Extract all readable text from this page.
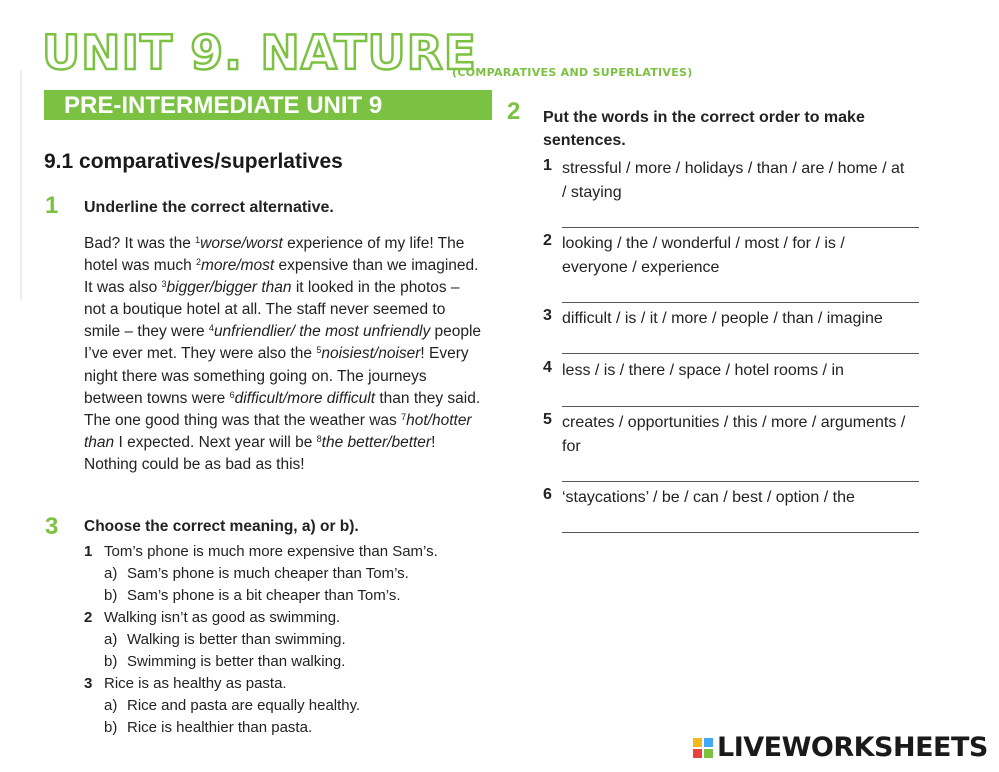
UNIT 9. NATURE
(COMPARATIVES AND SUPERLATIVES)
PRE-INTERMEDIATE UNIT 9
9.1 comparatives/superlatives
1 Underline the correct alternative.
Bad? It was the $^1$worse/worst experience of my life! The hotel was much $^2$more/most expensive than we imagined. It was also $^3$bigger/bigger than it looked in the photos – not a boutique hotel at all. The staff never seemed to smile – they were $^4$unfriendlier/ the most unfriendly people I’ve ever met. They were also the $^5$noisiest/noiser! Every night there was something going on. The journeys between towns were $^6$difficult/more difficult than they said. The one good thing was that the weather was $^7$hot/hotter than I expected. Next year will be $^8$the better/better! Nothing could be as bad as this!
3 Choose the correct meaning, a) or b).
1 Tom’s phone is much more expensive than Sam’s.
a) Sam’s phone is much cheaper than Tom’s.
b) Sam’s phone is a bit cheaper than Tom’s.
2 Walking isn’t as good as swimming.
a) Walking is better than swimming.
b) Swimming is better than walking.
3 Rice is as healthy as pasta.
a) Rice and pasta are equally healthy.
b) Rice is healthier than pasta.
2 Put the words in the correct order to make sentences.
1 stressful / more / holidays / than / are / home / at / staying
2 looking / the / wonderful / most / for / is / everyone / experience
3 difficult / is / it / more / people / than / imagine
4 less / is / there / space / hotel rooms / in
5 creates / opportunities / this / more / arguments / for
6 ‘staycations’ / be / can / best / option / the
LIVEWORKSHEETS
